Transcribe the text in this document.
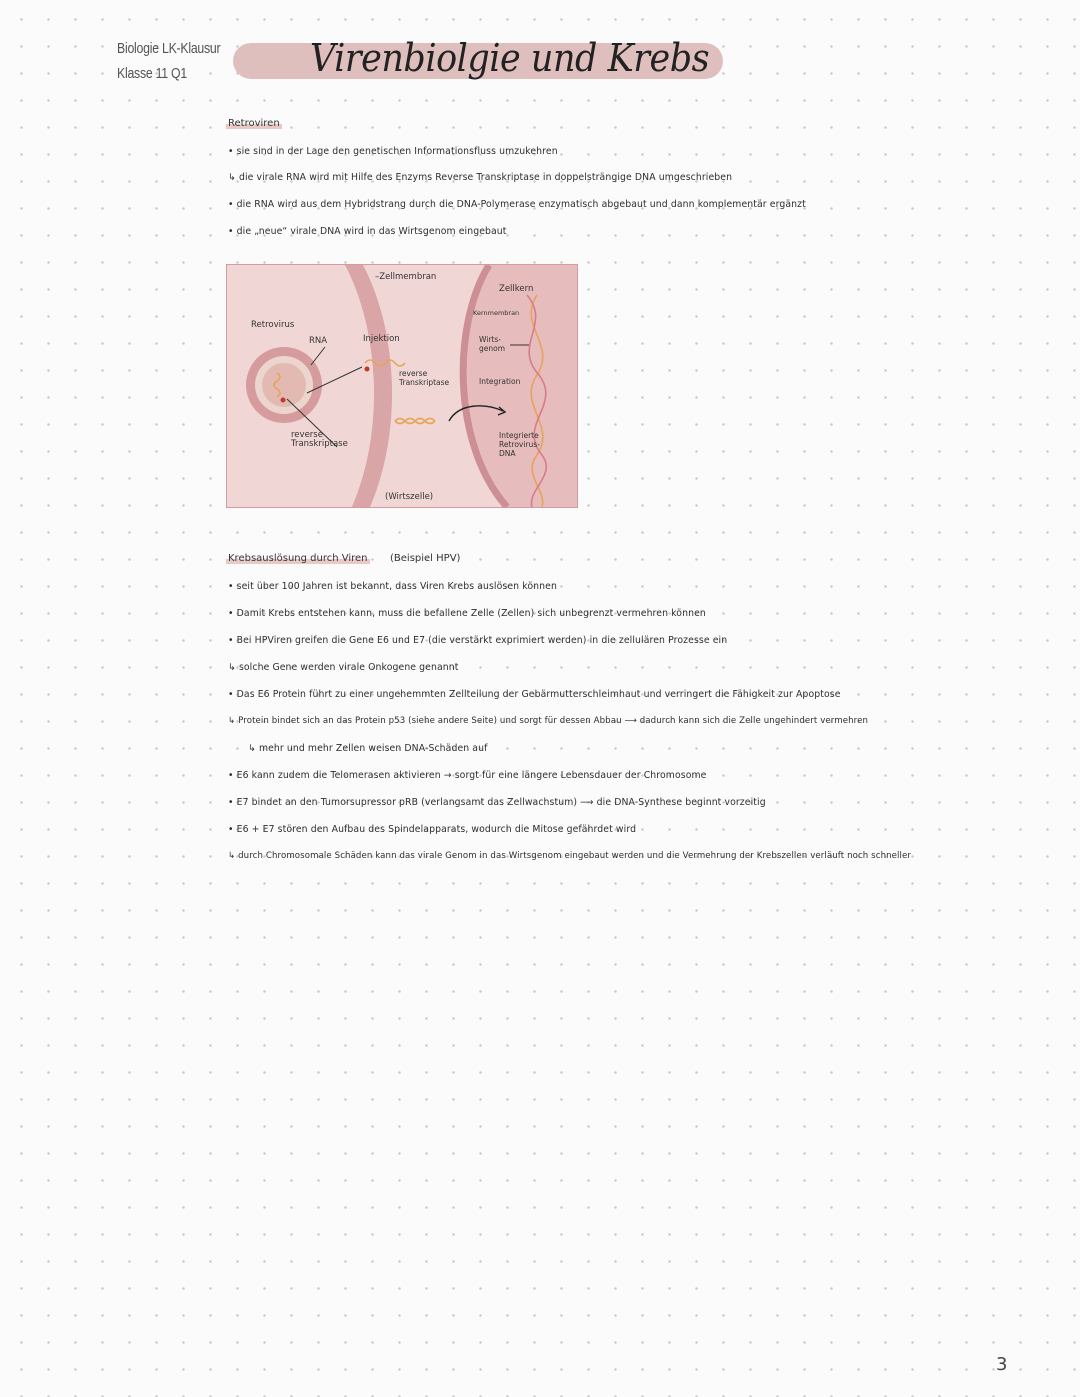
Biologie LK-Klausur
Klasse 11 Q1	Virenbiolgie und Krebs
Retroviren
• sie sind in der Lage den genetischen Informationsfluss umzukehren
↳ die virale RNA wird mit Hilfe des Enzyms Reverse Transkriptase in doppelsträngige DNA umgeschrieben
• die RNA wird aus dem Hybridstrang durch die DNA-Polymerase enzymatisch abgebaut und dann komplementär ergänzt
• die „neue“ virale DNA wird in das Wirtsgenom eingebaut
–Zellmembran
Zellkern
Kernmembran
Retrovirus
RNA	Injektion	Wirts-
genom
reverse
Transkriptase	Integration
reverse
Transkriptase
Integrierte
Retrovirus-
DNA
(Wirtszelle)
Krebsauslösung durch Viren (Beispiel HPV)
• seit über 100 Jahren ist bekannt, dass Viren Krebs auslösen können
• Damit Krebs entstehen kann, muss die befallene Zelle (Zellen) sich unbegrenzt vermehren können
• Bei HPViren greifen die Gene E6 und E7 (die verstärkt exprimiert werden) in die zellulären Prozesse ein
↳ solche Gene werden virale Onkogene genannt
• Das E6 Protein führt zu einer ungehemmten Zellteilung der Gebärmutterschleimhaut und verringert die Fähigkeit zur Apoptose
↳ Protein bindet sich an das Protein p53 (siehe andere Seite) und sorgt für dessen Abbau ⟶ dadurch kann sich die Zelle ungehindert vermehren
↳ mehr und mehr Zellen weisen DNA-Schäden auf
• E6 kann zudem die Telomerasen aktivieren → sorgt für eine längere Lebensdauer der Chromosome
• E7 bindet an den Tumorsupressor pRB (verlangsamt das Zellwachstum) ⟶ die DNA-Synthese beginnt vorzeitig
• E6 + E7 stören den Aufbau des Spindelapparats, wodurch die Mitose gefährdet wird
↳ durch Chromosomale Schäden kann das virale Genom in das Wirtsgenom eingebaut werden und die Vermehrung der Krebszellen verläuft noch schneller
3
